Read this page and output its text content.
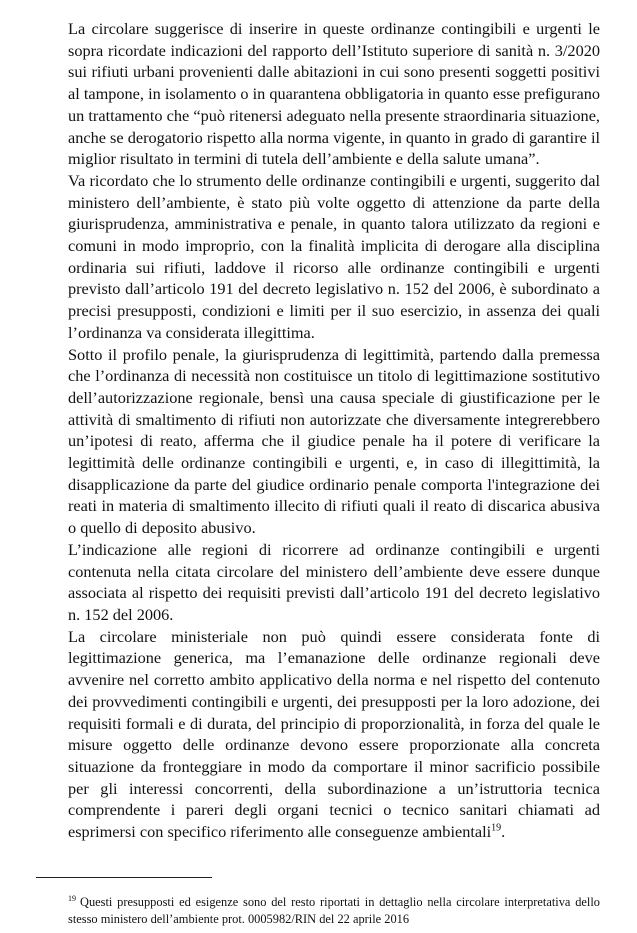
La circolare suggerisce di inserire in queste ordinanze contingibili e urgenti le sopra ricordate indicazioni del rapporto dell’Istituto superiore di sanità n. 3/2020 sui rifiuti urbani provenienti dalle abitazioni in cui sono presenti soggetti positivi al tampone, in isolamento o in quarantena obbligatoria in quanto esse prefigurano un trattamento che “può ritenersi adeguato nella presente straordinaria situazione, anche se derogatorio rispetto alla norma vigente, in quanto in grado di garantire il miglior risultato in termini di tutela dell’ambiente e della salute umana”.

Va ricordato che lo strumento delle ordinanze contingibili e urgenti, suggerito dal ministero dell’ambiente, è stato più volte oggetto di attenzione da parte della giurisprudenza, amministrativa e penale, in quanto talora utilizzato da regioni e comuni in modo improprio, con la finalità implicita di derogare alla disciplina ordinaria sui rifiuti, laddove il ricorso alle ordinanze contingibili e urgenti previsto dall’articolo 191 del decreto legislativo n. 152 del 2006, è subordinato a precisi presupposti, condizioni e limiti per il suo esercizio, in assenza dei quali l’ordinanza va considerata illegittima.

Sotto il profilo penale, la giurisprudenza di legittimità, partendo dalla premessa che l’ordinanza di necessità non costituisce un titolo di legittimazione sostitutivo dell’autorizzazione regionale, bensì una causa speciale di giustificazione per le attività di smaltimento di rifiuti non autorizzate che diversamente integrerebbero un’ipotesi di reato, afferma che il giudice penale ha il potere di verificare la legittimità delle ordinanze contingibili e urgenti, e, in caso di illegittimità, la disapplicazione da parte del giudice ordinario penale comporta l'integrazione dei reati in materia di smaltimento illecito di rifiuti quali il reato di discarica abusiva o quello di deposito abusivo.

L’indicazione alle regioni di ricorrere ad ordinanze contingibili e urgenti contenuta nella citata circolare del ministero dell’ambiente deve essere dunque associata al rispetto dei requisiti previsti dall’articolo 191 del decreto legislativo n. 152 del 2006.

La circolare ministeriale non può quindi essere considerata fonte di legittimazione generica, ma l’emanazione delle ordinanze regionali deve avvenire nel corretto ambito applicativo della norma e nel rispetto del contenuto dei provvedimenti contingibili e urgenti, dei presupposti per la loro adozione, dei requisiti formali e di durata, del principio di proporzionalità, in forza del quale le misure oggetto delle ordinanze devono essere proporzionate alla concreta situazione da fronteggiare in modo da comportare il minor sacrificio possibile per gli interessi concorrenti, della subordinazione a un’istruttoria tecnica comprendente i pareri degli organi tecnici o tecnico sanitari chiamati ad esprimersi con specifico riferimento alle conseguenze ambientali$^{19}$.

$^{19}$ Questi presupposti ed esigenze sono del resto riportati in dettaglio nella circolare interpretativa dello stesso ministero dell’ambiente prot. 0005982/RIN del 22 aprile 2016
